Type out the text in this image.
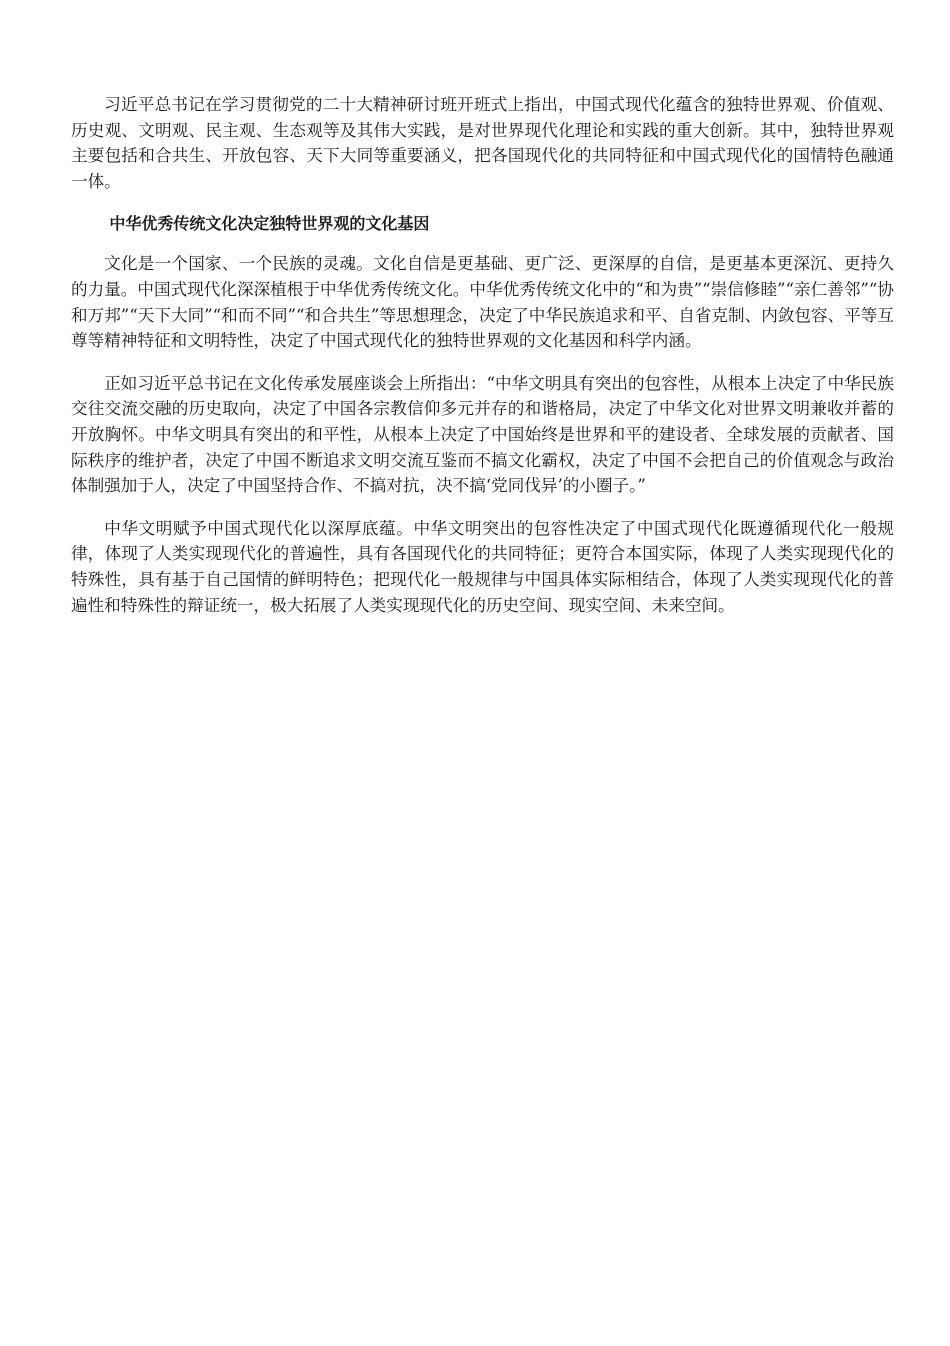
习近平总书记在学习贯彻党的二十大精神研讨班开班式上指出，中国式现代化蕴含的独特世界观、价值观、历史观、文明观、民主观、生态观等及其伟大实践，是对世界现代化理论和实践的重大创新。其中，独特世界观主要包括和合共生、开放包容、天下大同等重要涵义，把各国现代化的共同特征和中国式现代化的国情特色融通一体。

中华优秀传统文化决定独特世界观的文化基因

文化是一个国家、一个民族的灵魂。文化自信是更基础、更广泛、更深厚的自信，是更基本更深沉、更持久的力量。中国式现代化深深植根于中华优秀传统文化。中华优秀传统文化中的“和为贵”“崇信修睦”“亲仁善邻”“协和万邦”“天下大同”“和而不同”“和合共生”等思想理念，决定了中华民族追求和平、自省克制、内敛包容、平等互尊等精神特征和文明特性，决定了中国式现代化的独特世界观的文化基因和科学内涵。

正如习近平总书记在文化传承发展座谈会上所指出：“中华文明具有突出的包容性，从根本上决定了中华民族交往交流交融的历史取向，决定了中国各宗教信仰多元并存的和谐格局，决定了中华文化对世界文明兼收并蓄的开放胸怀。中华文明具有突出的和平性，从根本上决定了中国始终是世界和平的建设者、全球发展的贡献者、国际秩序的维护者，决定了中国不断追求文明交流互鉴而不搞文化霸权，决定了中国不会把自己的价值观念与政治体制强加于人，决定了中国坚持合作、不搞对抗，决不搞‘党同伐异’的小圈子。”

中华文明赋予中国式现代化以深厚底蕴。中华文明突出的包容性决定了中国式现代化既遵循现代化一般规律，体现了人类实现现代化的普遍性，具有各国现代化的共同特征；更符合本国实际，体现了人类实现现代化的特殊性，具有基于自己国情的鲜明特色；把现代化一般规律与中国具体实际相结合，体现了人类实现现代化的普遍性和特殊性的辩证统一，极大拓展了人类实现现代化的历史空间、现实空间、未来空间。
